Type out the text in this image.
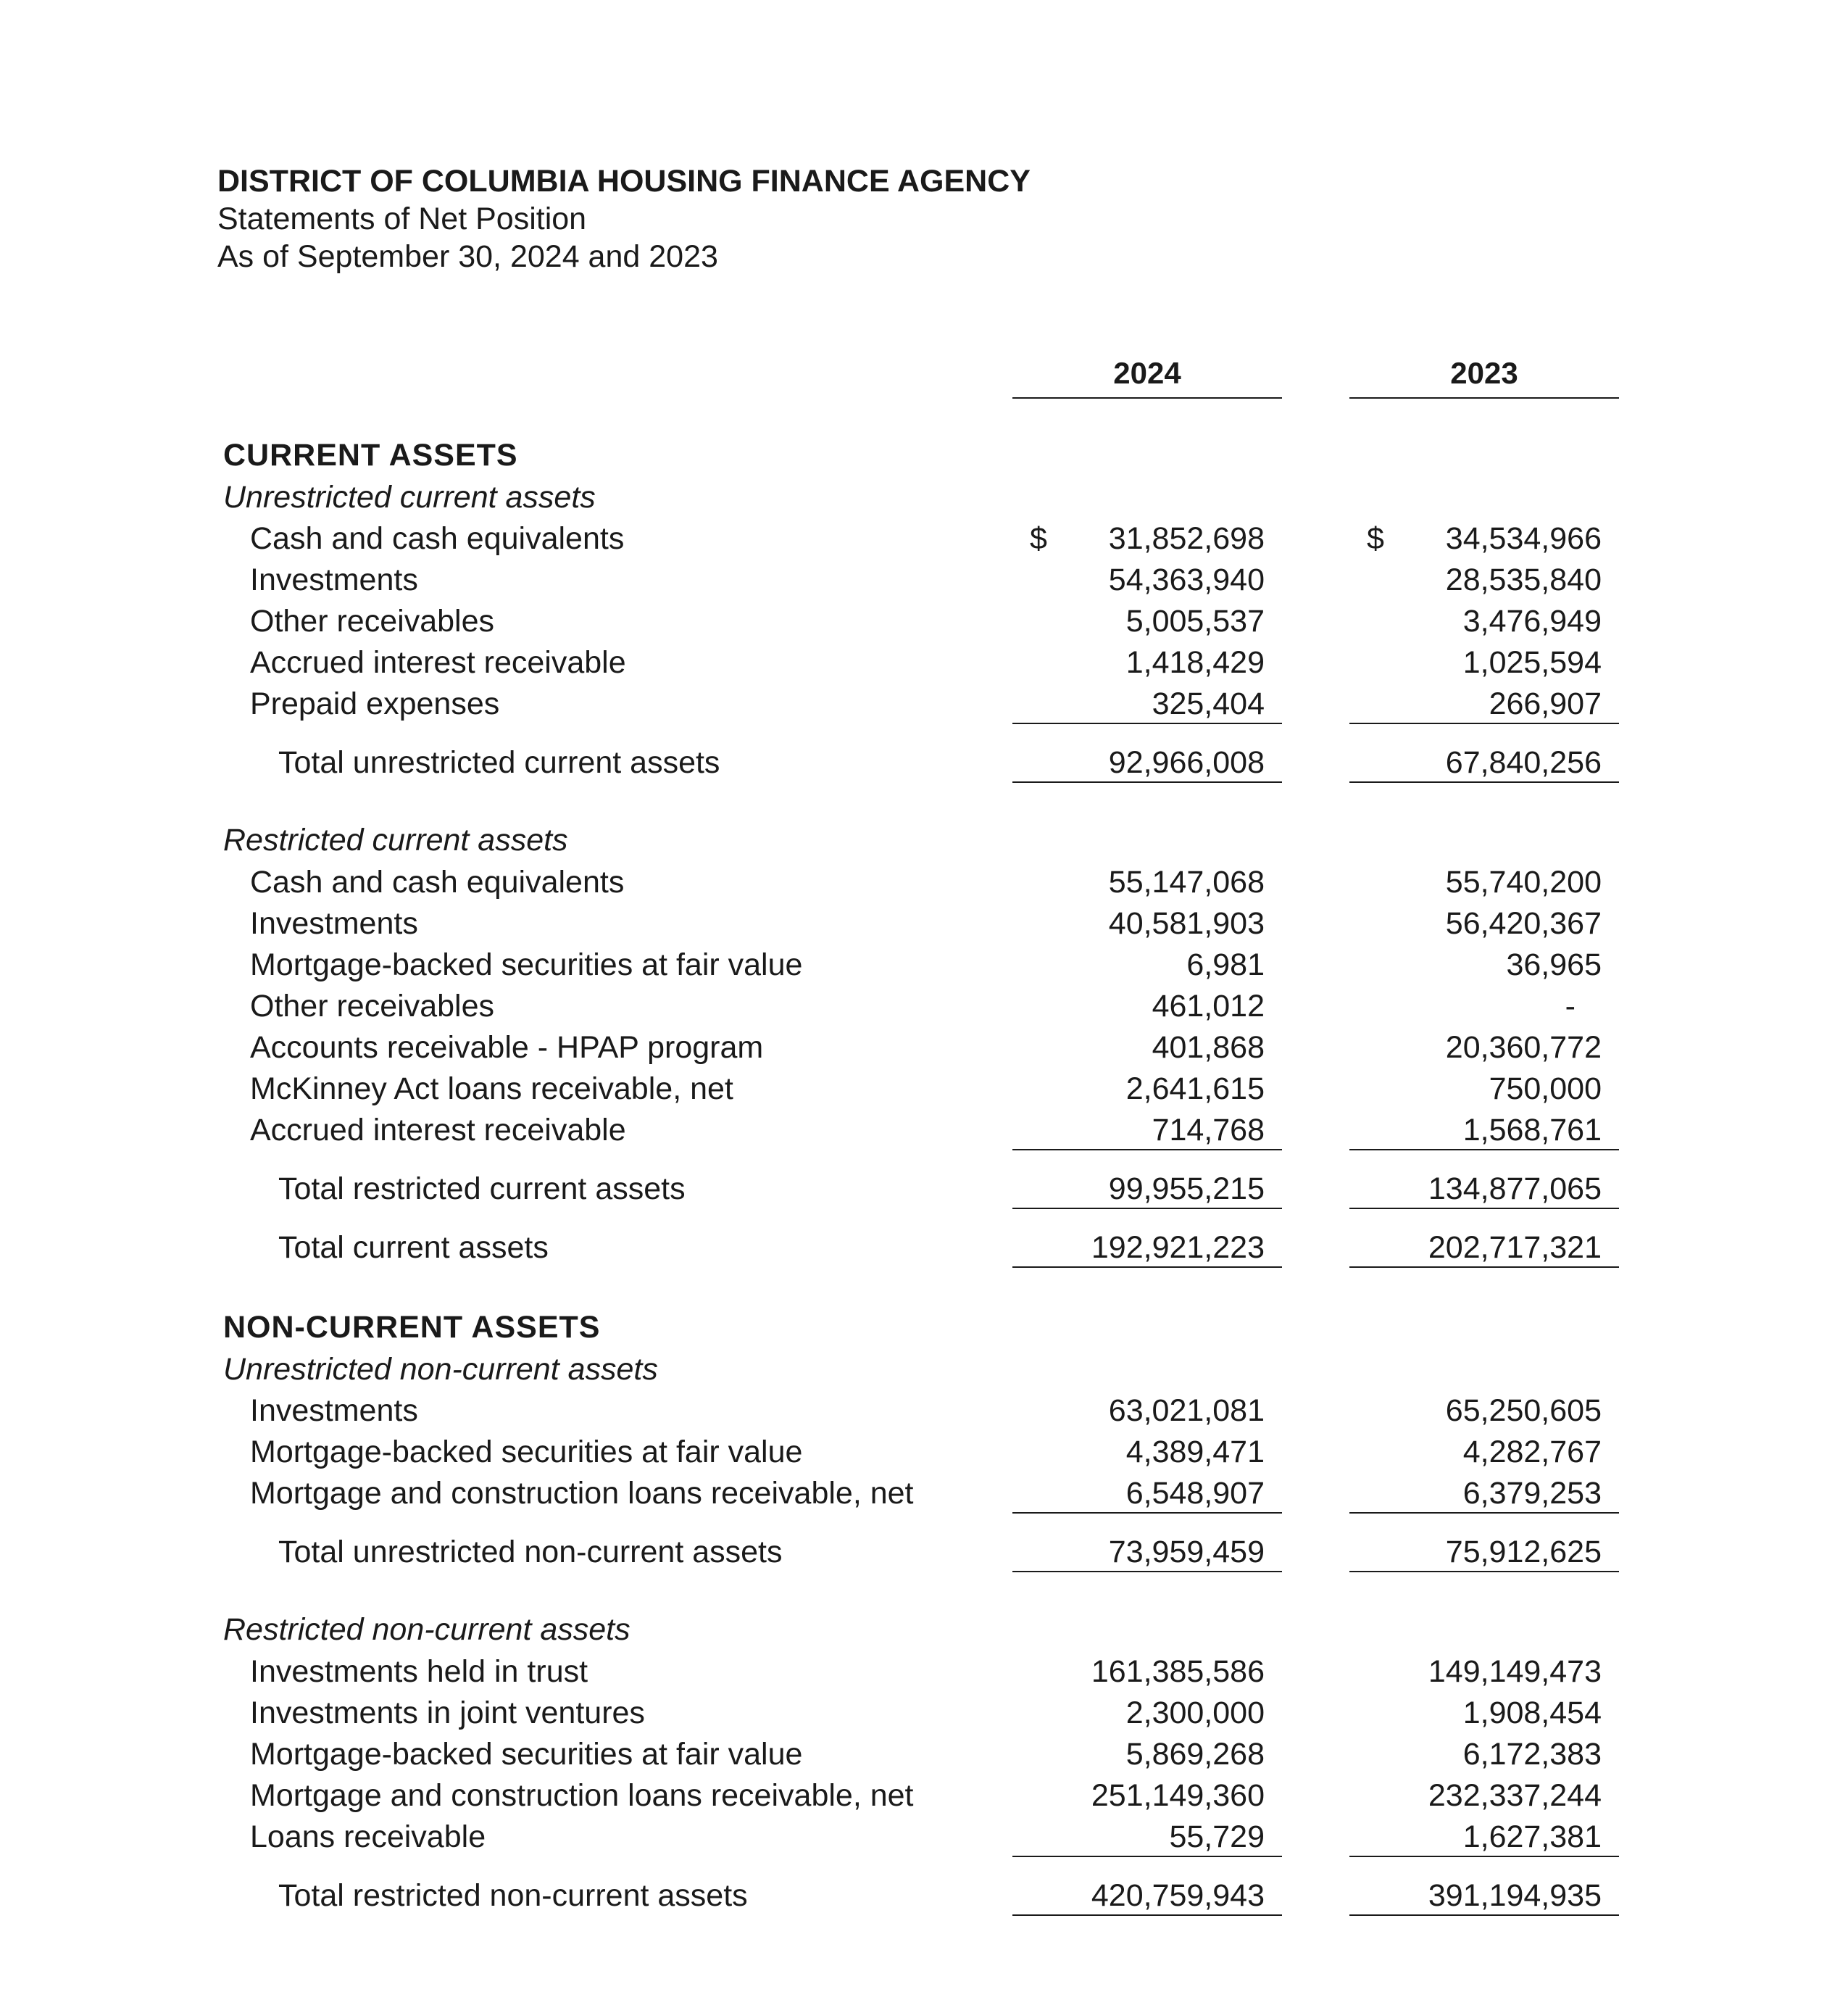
DISTRICT OF COLUMBIA HOUSING FINANCE AGENCY
Statements of Net Position
As of September 30, 2024 and 2023
2024	2023
CURRENT ASSETS
Unrestricted current assets
Cash and cash equivalents	$ 31,852,698	$ 34,534,966
Investments	54,363,940	28,535,840
Other receivables	5,005,537	3,476,949
Accrued interest receivable	1,418,429	1,025,594
Prepaid expenses	325,404	266,907
Total unrestricted current assets	92,966,008	67,840,256
Restricted current assets
Cash and cash equivalents	55,147,068	55,740,200
Investments	40,581,903	56,420,367
Mortgage-backed securities at fair value	6,981	36,965
Other receivables	461,012	-
Accounts receivable - HPAP program	401,868	20,360,772
McKinney Act loans receivable, net	2,641,615	750,000
Accrued interest receivable	714,768	1,568,761
Total restricted current assets	99,955,215	134,877,065
Total current assets	192,921,223	202,717,321
NON-CURRENT ASSETS
Unrestricted non-current assets
Investments	63,021,081	65,250,605
Mortgage-backed securities at fair value	4,389,471	4,282,767
Mortgage and construction loans receivable, net	6,548,907	6,379,253
Total unrestricted non-current assets	73,959,459	75,912,625
Restricted non-current assets
Investments held in trust	161,385,586	149,149,473
Investments in joint ventures	2,300,000	1,908,454
Mortgage-backed securities at fair value	5,869,268	6,172,383
Mortgage and construction loans receivable, net	251,149,360	232,337,244
Loans receivable	55,729	1,627,381
Total restricted non-current assets	420,759,943	391,194,935
